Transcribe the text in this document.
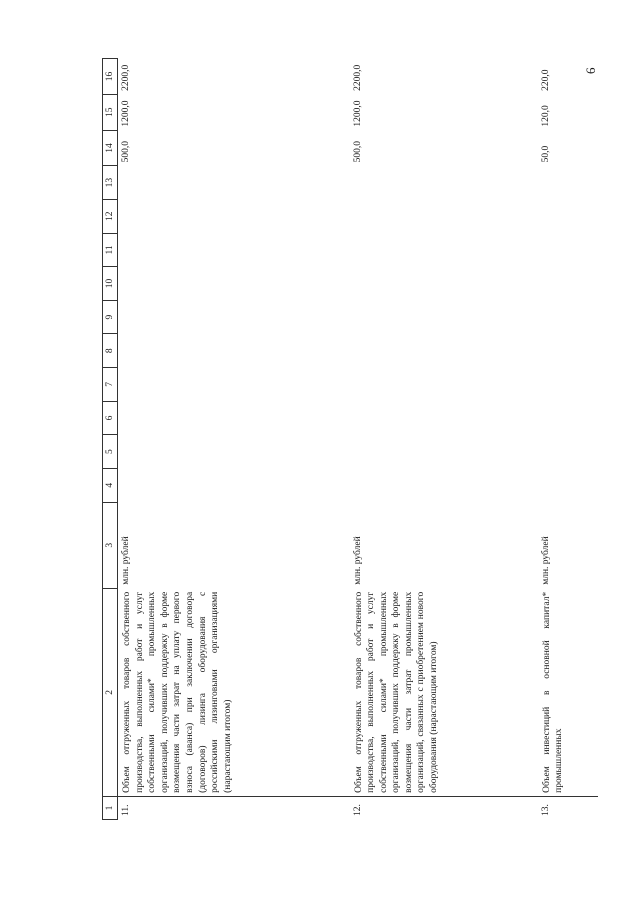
6
1	2	3	4	5	6	7	8	9	10	11	12	13	14	15	16
11.	Объем отгруженных товаров собственного производства, выполненных работ и услуг собственными силами* промышленных организаций, получивших поддержку в форме возмещения части затрат на уплату первого взноса (аванса) при заключении договора (договоров) лизинга оборудования с российскими лизинговыми организациями (нарастающим итогом)	млн. рублей											500,0	1200,0	2200,0
12.	Объем отгруженных товаров собственного производства, выполненных работ и услуг собственными силами* промышленных организаций, получивших поддержку в форме возмещения части затрат промышленных организаций, связанных с приобретением нового оборудования (нарастающим итогом)	млн. рублей											500,0	1200,0	2200,0
13.	Объем инвестиций в основной капитал* промышленных	млн. рублей											50,0	120,0	220,0
